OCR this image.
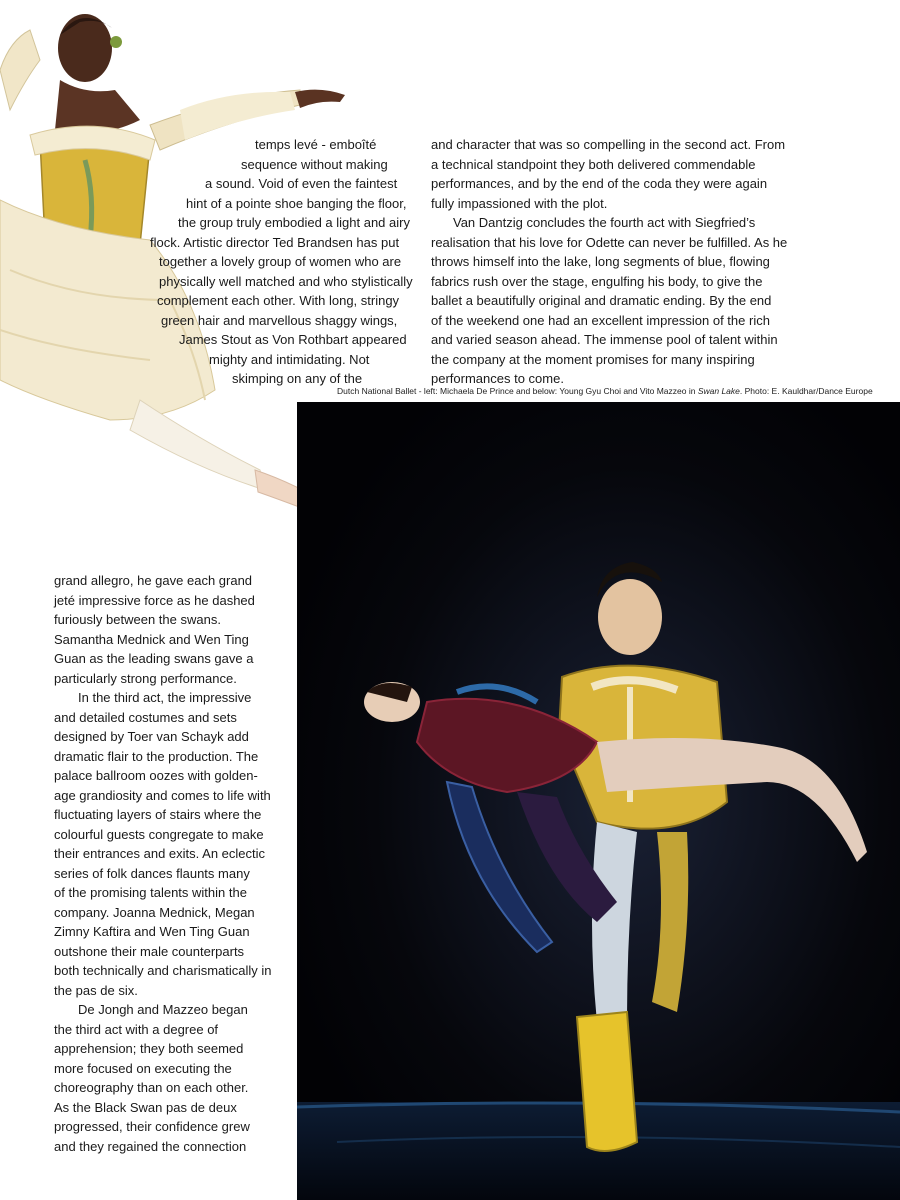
temps levé - emboîté
sequence without making
a sound. Void of even the faintest
hint of a pointe shoe banging the floor,
the group truly embodied a light and airy
flock. Artistic director Ted Brandsen has put
together a lovely group of women who are
physically well matched and who stylistically
complement each other. With long, stringy
green hair and marvellous shaggy wings,
James Stout as Von Rothbart appeared
mighty and intimidating. Not
skimping on any of the
and character that was so compelling in the second act. From
a technical standpoint they both delivered commendable
performances, and by the end of the coda they were again
fully impassioned with the plot.
Van Dantzig concludes the fourth act with Siegfried’s
realisation that his love for Odette can never be fulfilled. As he
throws himself into the lake, long segments of blue, flowing
fabrics rush over the stage, engulfing his body, to give the
ballet a beautifully original and dramatic ending. By the end
of the weekend one had an excellent impression of the rich
and varied season ahead. The immense pool of talent within
the company at the moment promises for many inspiring
performances to come.
Dutch National Ballet - left: Michaela De Prince and below: Young Gyu Choi and Vito Mazzeo in Swan Lake. Photo: E. Kauldhar/Dance Europe
grand allegro, he gave each grand
jeté impressive force as he dashed
furiously between the swans.
Samantha Mednick and Wen Ting
Guan as the leading swans gave a
particularly strong performance.
In the third act, the impressive
and detailed costumes and sets
designed by Toer van Schayk add
dramatic flair to the production. The
palace ballroom oozes with golden-
age grandiosity and comes to life with
fluctuating layers of stairs where the
colourful guests congregate to make
their entrances and exits. An eclectic
series of folk dances flaunts many
of the promising talents within the
company. Joanna Mednick, Megan
Zimny Kaftira and Wen Ting Guan
outshone their male counterparts
both technically and charismatically in
the pas de six.
De Jongh and Mazzeo began
the third act with a degree of
apprehension; they both seemed
more focused on executing the
choreography than on each other.
As the Black Swan pas de deux
progressed, their confidence grew
and they regained the connection
